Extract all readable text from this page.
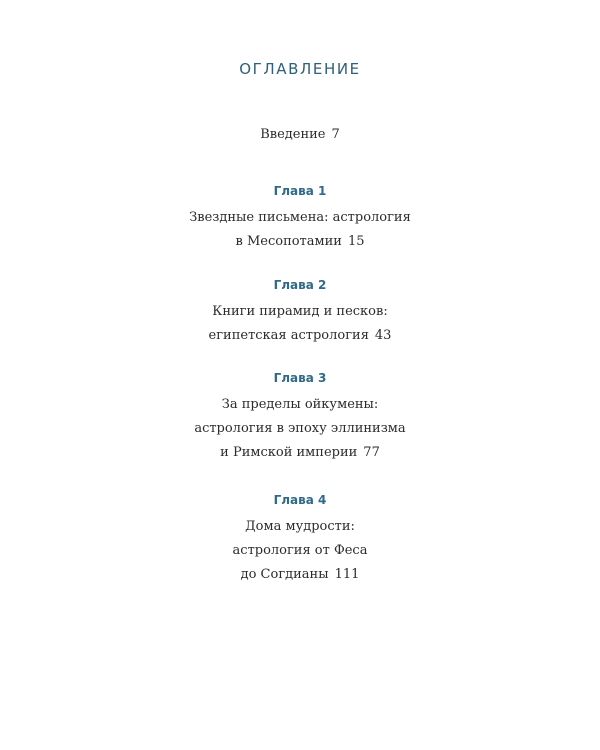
ОГЛАВЛЕНИЕ
Введение 7
Глава 1
Звездные письмена: астрология
в Месопотамии 15
Глава 2
Книги пирамид и песков:
египетская астрология 43
Глава 3
За пределы ойкумены:
астрология в эпоху эллинизма
и Римской империи 77
Глава 4
Дома мудрости:
астрология от Феса
до Согдианы 111
